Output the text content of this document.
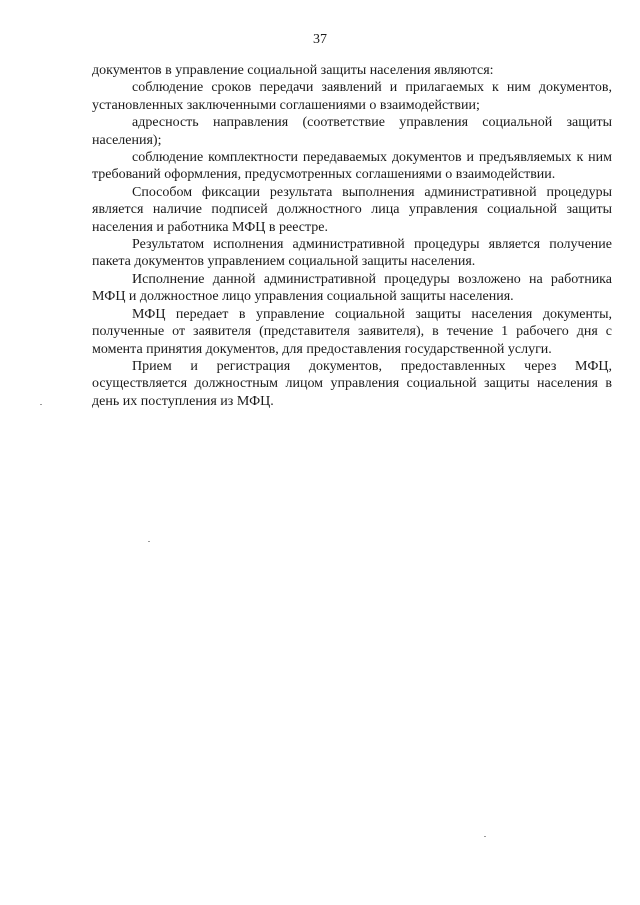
37

документов в управление социальной защиты населения являются:

соблюдение сроков передачи заявлений и прилагаемых к ним документов, установленных заключенными соглашениями о взаимодействии;

адресность направления (соответствие управления социальной защиты населения);

соблюдение комплектности передаваемых документов и предъявляемых к ним требований оформления, предусмотренных соглашениями о взаимодействии.

Способом фиксации результата выполнения административной процедуры является наличие подписей должностного лица управления социальной защиты населения и работника МФЦ в реестре.

Результатом исполнения административной процедуры является получение пакета документов управлением социальной защиты населения.

Исполнение данной административной процедуры возложено на работника МФЦ и должностное лицо управления социальной защиты населения.

МФЦ передает в управление социальной защиты населения документы, полученные от заявителя (представителя заявителя), в течение 1 рабочего дня с момента принятия документов, для предоставления государственной услуги.

Прием и регистрация документов, предоставленных через МФЦ, осуществляется должностным лицом управления социальной защиты населения в день их поступления из МФЦ.
